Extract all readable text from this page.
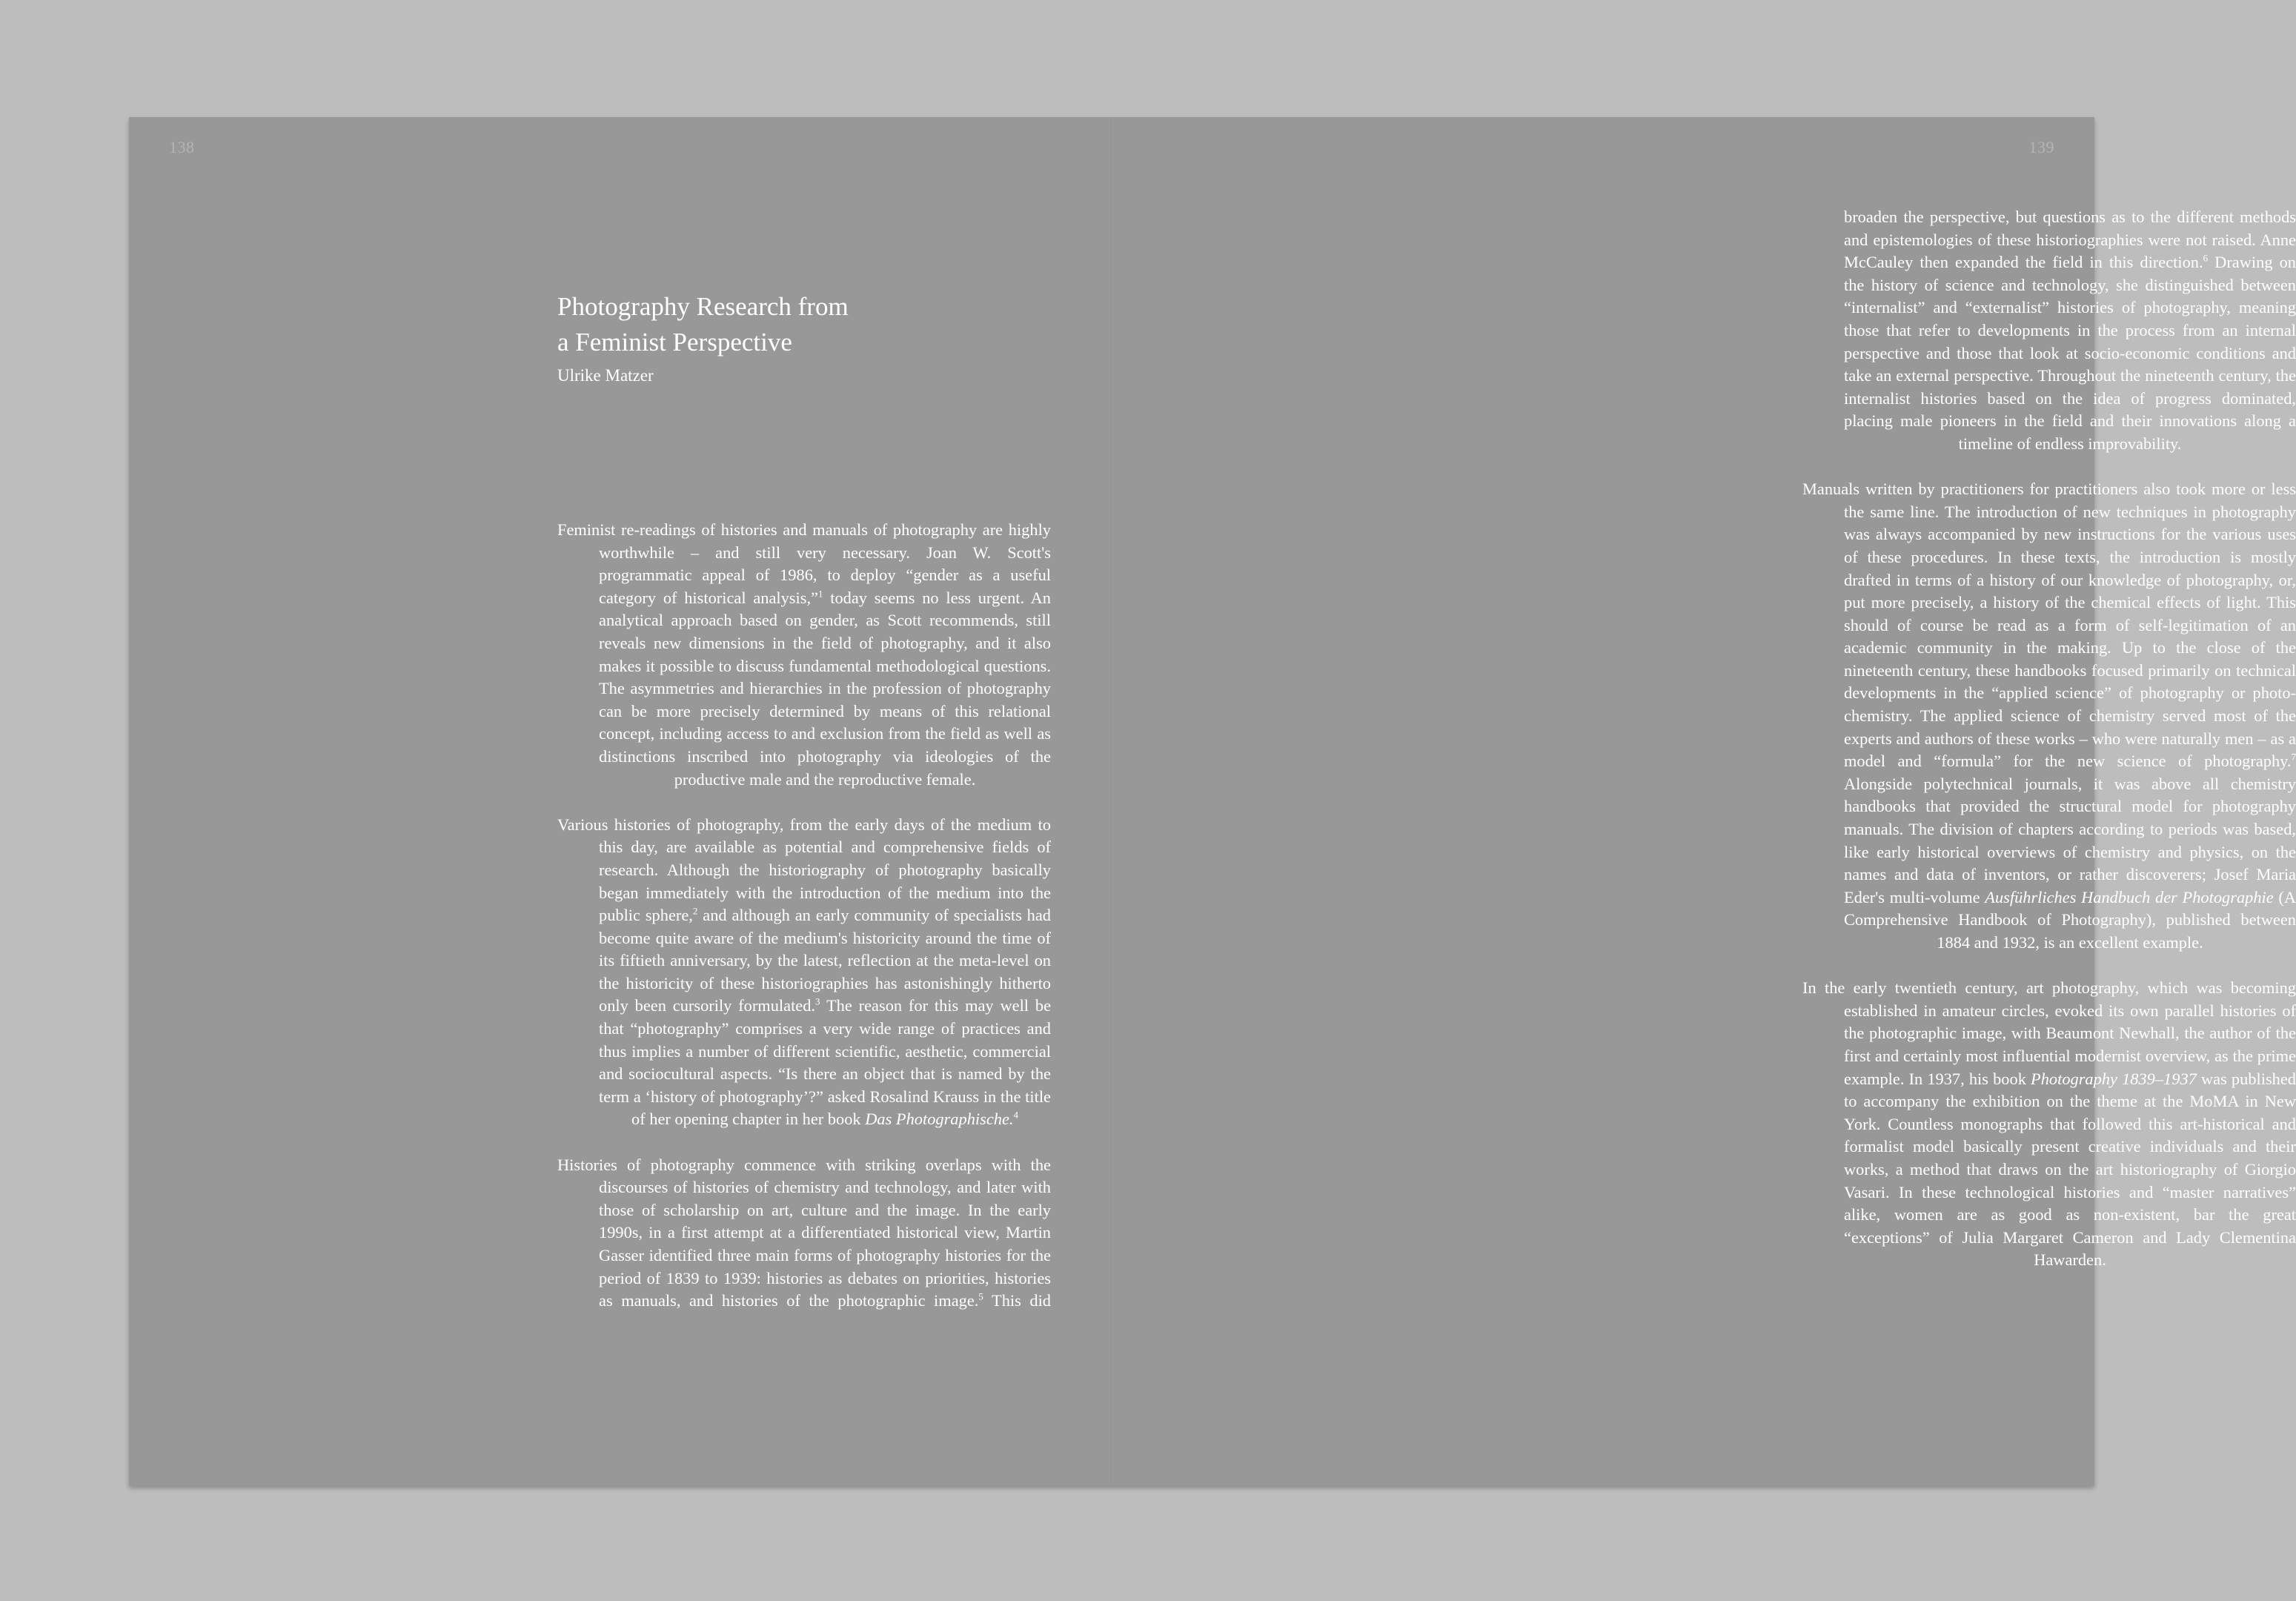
138
Photography Research from
a Feminist Perspective
Ulrike Matzer

Feminist re-readings of histories and manuals of photography are highly worthwhile – and still very necessary. Joan W. Scott's programmatic appeal of 1986, to deploy “gender as a useful category of historical analysis,”$^1$ today seems no less urgent. An analytical approach based on gender, as Scott recommends, still reveals new dimensions in the field of photography, and it also makes it possible to discuss fundamental methodological questions. The asymmetries and hierarchies in the profession of photography can be more precisely determined by means of this relational concept, including access to and exclusion from the field as well as distinctions inscribed into photography via ideologies of the productive male and the reproductive female.

Various histories of photography, from the early days of the medium to this day, are available as potential and comprehensive fields of research. Although the historiography of photography basically began immediately with the introduction of the medium into the public sphere,$^2$ and although an early community of specialists had become quite aware of the medium's historicity around the time of its fiftieth anniversary, by the latest, reflection at the meta-level on the historicity of these historiographies has astonishingly hitherto only been cursorily formulated.$^3$ The reason for this may well be that “photography” comprises a very wide range of practices and thus implies a number of different scientific, aesthetic, commercial and sociocultural aspects. “Is there an object that is named by the term a ‘history of photography’?” asked Rosalind Krauss in the title of her opening chapter in her book Das Photographische.$^4$

Histories of photography commence with striking overlaps with the discourses of histories of chemistry and technology, and later with those of scholarship on art, culture and the image. In the early 1990s, in a first attempt at a differentiated historical view, Martin Gasser identified three main forms of photography histories for the period of 1839 to 1939: histories as debates on priorities, histories as manuals, and histories of the photographic image.$^5$ This did

139

broaden the perspective, but questions as to the different methods and epistemologies of these historiographies were not raised. Anne McCauley then expanded the field in this direction.$^6$ Drawing on the history of science and technology, she distinguished between “internalist” and “externalist” histories of photography, meaning those that refer to developments in the process from an internal perspective and those that look at socio-economic conditions and take an external perspective. Throughout the nineteenth century, the internalist histories based on the idea of progress dominated, placing male pioneers in the field and their innovations along a timeline of endless improvability.

Manuals written by practitioners for practitioners also took more or less the same line. The introduction of new techniques in photography was always accompanied by new instructions for the various uses of these procedures. In these texts, the introduction is mostly drafted in terms of a history of our knowledge of photography, or, put more precisely, a history of the chemical effects of light. This should of course be read as a form of self-legitimation of an academic community in the making. Up to the close of the nineteenth century, these handbooks focused primarily on technical developments in the “applied science” of photography or photo-chemistry. The applied science of chemistry served most of the experts and authors of these works – who were naturally men – as a model and “formula” for the new science of photography.$^7$ Alongside polytechnical journals, it was above all chemistry handbooks that provided the structural model for photography manuals. The division of chapters according to periods was based, like early historical overviews of chemistry and physics, on the names and data of inventors, or rather discoverers; Josef Maria Eder's multi-volume Ausführliches Handbuch der Photographie (A Comprehensive Handbook of Photography), published between 1884 and 1932, is an excellent example.

In the early twentieth century, art photography, which was becoming established in amateur circles, evoked its own parallel histories of the photographic image, with Beaumont Newhall, the author of the first and certainly most influential modernist overview, as the prime example. In 1937, his book Photography 1839–1937 was published to accompany the exhibition on the theme at the MoMA in New York. Countless monographs that followed this art-historical and formalist model basically present creative individuals and their works, a method that draws on the art historiography of Giorgio Vasari. In these technological histories and “master narratives” alike, women are as good as non-existent, bar the great “exceptions” of Julia Margaret Cameron and Lady Clementina Hawarden.
